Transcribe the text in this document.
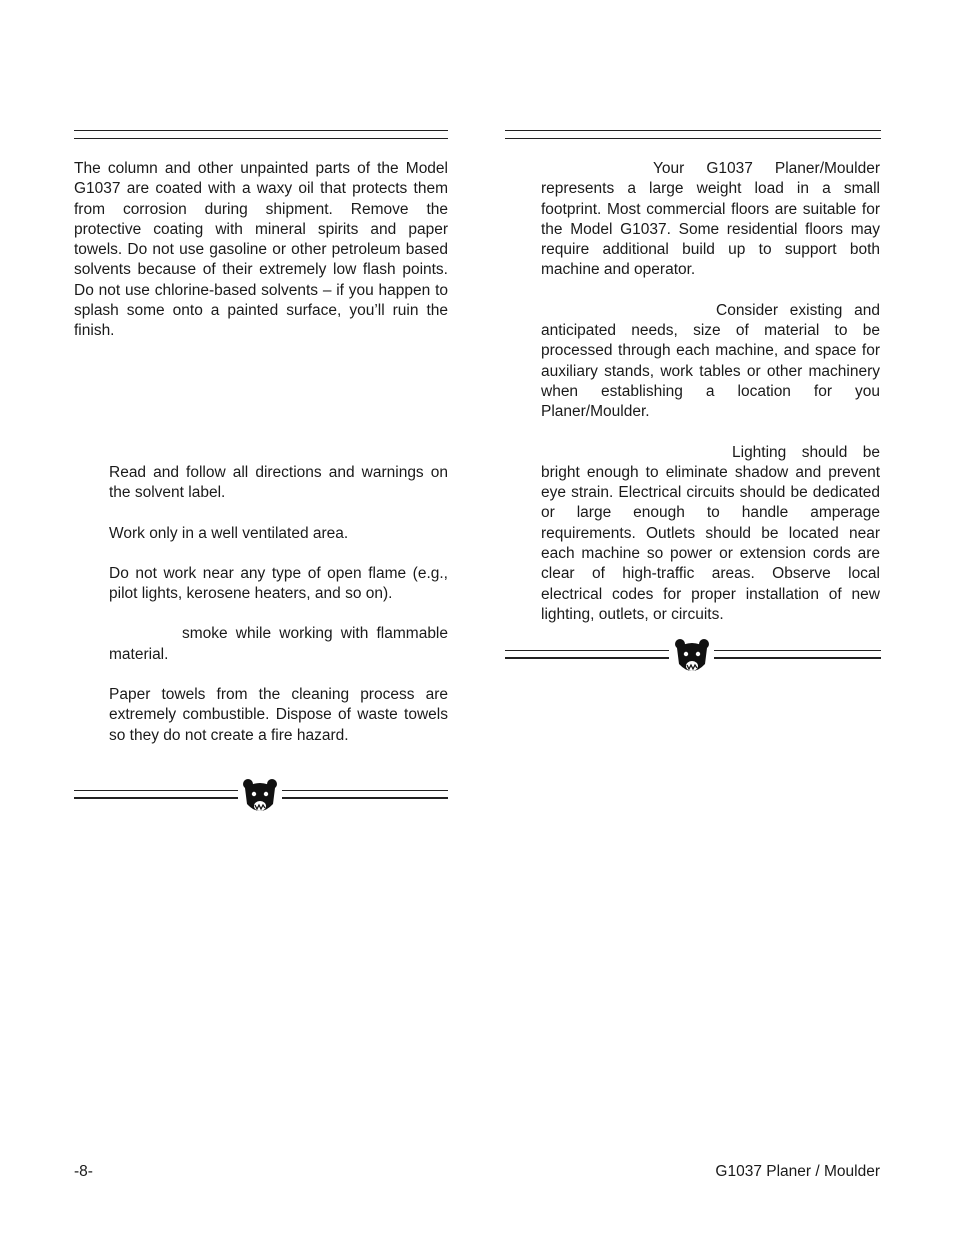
The column and other unpainted parts of the Model G1037 are coated with a waxy oil that protects them from corrosion during shipment. Remove the protective coating with mineral spirits and paper towels. Do not use gasoline or other petroleum based solvents because of their extremely low flash points. Do not use chlorine-based solvents – if you happen to splash some onto a painted surface, you’ll ruin the finish.

Read and follow all directions and warnings on the solvent label.

Work only in a well ventilated area.

Do not work near any type of open flame (e.g., pilot lights, kerosene heaters, and so on).

smoke while working with flammable material.

Paper towels from the cleaning process are extremely combustible. Dispose of waste towels so they do not create a fire hazard.

Your G1037 Planer/Moulder represents a large weight load in a small footprint. Most commercial floors are suitable for the Model G1037. Some residential floors may require additional build up to support both machine and operator.

Consider existing and anticipated needs, size of material to be processed through each machine, and space for auxiliary stands, work tables or other machinery when establishing a location for you Planer/Moulder.

Lighting should be bright enough to eliminate shadow and prevent eye strain. Electrical circuits should be dedicated or large enough to handle amperage requirements. Outlets should be located near each machine so power or extension cords are clear of high-traffic areas. Observe local electrical codes for proper installation of new lighting, outlets, or circuits.

-8-	G1037 Planer / Moulder
